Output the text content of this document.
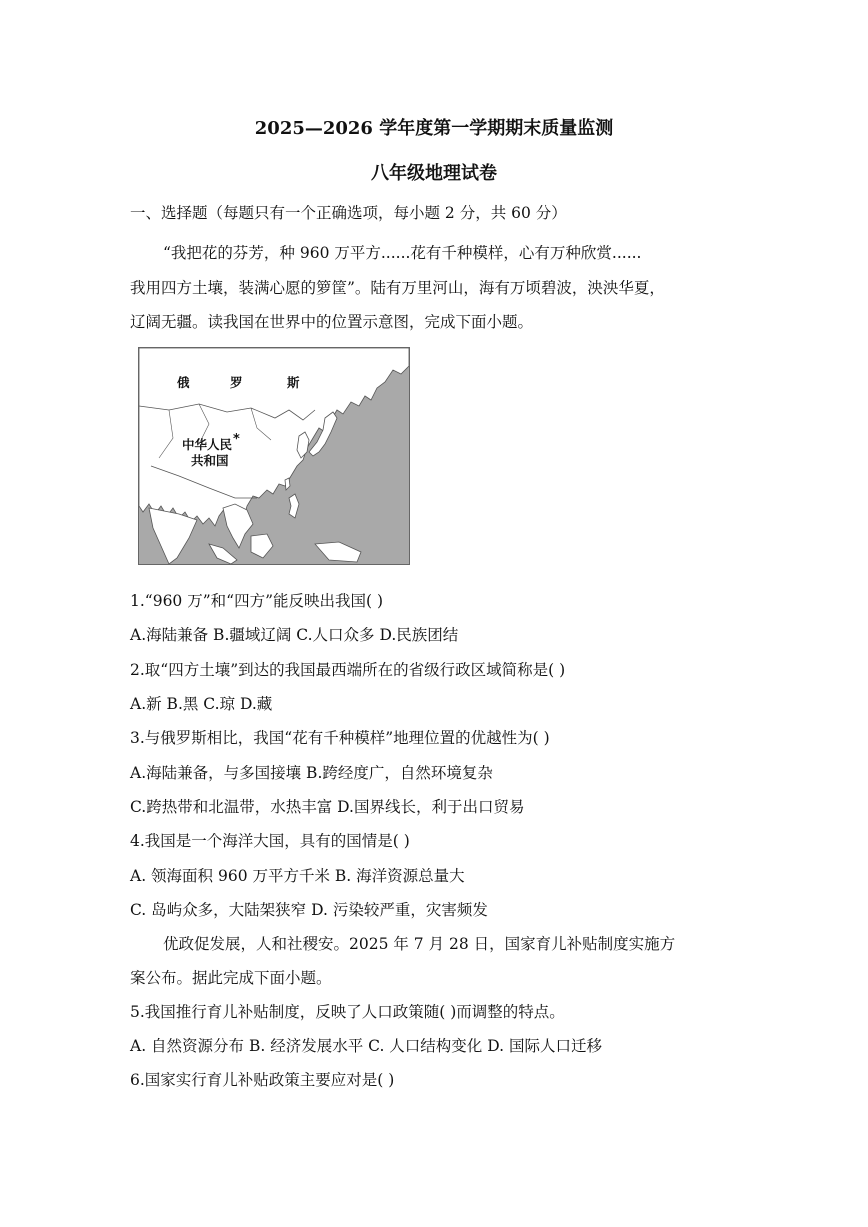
2025—2026 学年度第一学期期末质量监测
八年级地理试卷
一、选择题（每题只有一个正确选项，每小题 2 分，共 60 分）
“我把花的芬芳，种 960 万平方......花有千种模样，心有万种欣赏......
我用四方土壤，装满心愿的箩筐”。陆有万里河山，海有万顷碧波，泱泱华夏，
辽阔无疆。读我国在世界中的位置示意图，完成下面小题。
俄	罗	斯
中华人民 *
共和国
1.“960 万”和“四方”能反映出我国( )
A.海陆兼备 B.疆域辽阔 C.人口众多 D.民族团结
2.取“四方土壤”到达的我国最西端所在的省级行政区域简称是( )
A.新 B.黑 C.琼 D.藏
3.与俄罗斯相比，我国“花有千种模样”地理位置的优越性为( )
A.海陆兼备，与多国接壤 B.跨经度广，自然环境复杂
C.跨热带和北温带，水热丰富 D.国界线长，利于出口贸易
4.我国是一个海洋大国，具有的国情是( )
A. 领海面积 960 万平方千米 B. 海洋资源总量大
C. 岛屿众多，大陆架狭窄 D. 污染较严重，灾害频发
优政促发展，人和社稷安。2025 年 7 月 28 日，国家育儿补贴制度实施方
案公布。据此完成下面小题。
5.我国推行育儿补贴制度，反映了人口政策随( )而调整的特点。
A. 自然资源分布 B. 经济发展水平 C. 人口结构变化 D. 国际人口迁移
6.国家实行育儿补贴政策主要应对是( )
